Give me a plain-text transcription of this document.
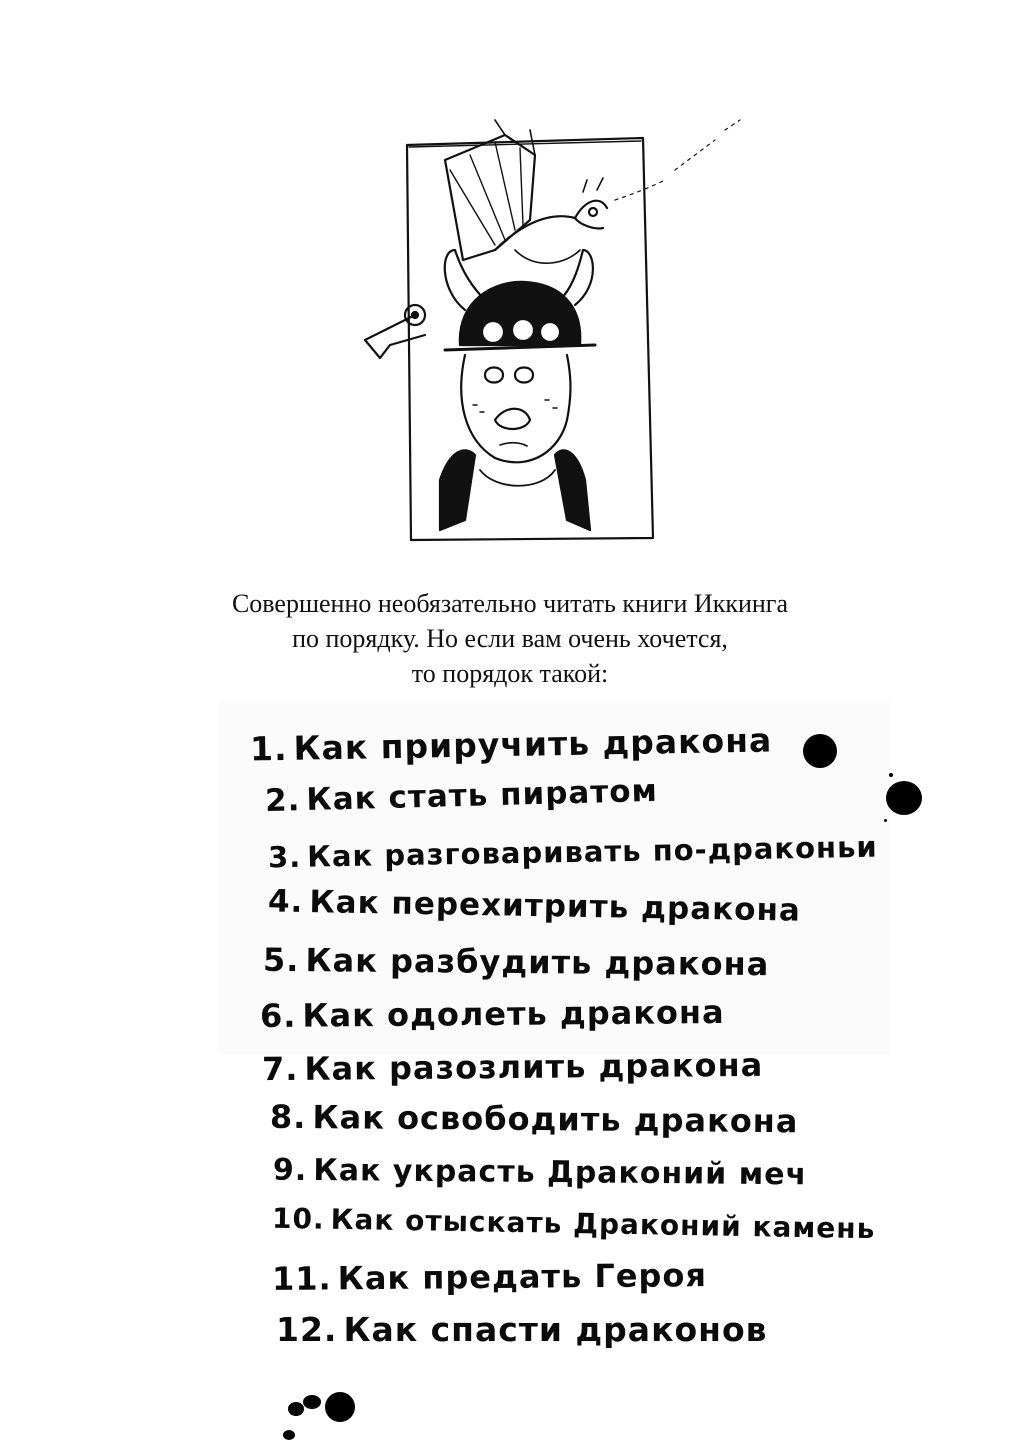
Совершенно необязательно читать книги Иккинга
по порядку. Но если вам очень хочется,
то порядок такой:
1. Как приручить дракона
2. Как стать пиратом
3. Как разговаривать по-драконьи
4. Как перехитрить дракона
5. Как разбудить дракона
6. Как одолеть дракона
7. Как разозлить дракона
8. Как освободить дракона
9. Как украсть Драконий меч
10. Как отыскать Драконий камень
11. Как предать Героя
12. Как спасти драконов
